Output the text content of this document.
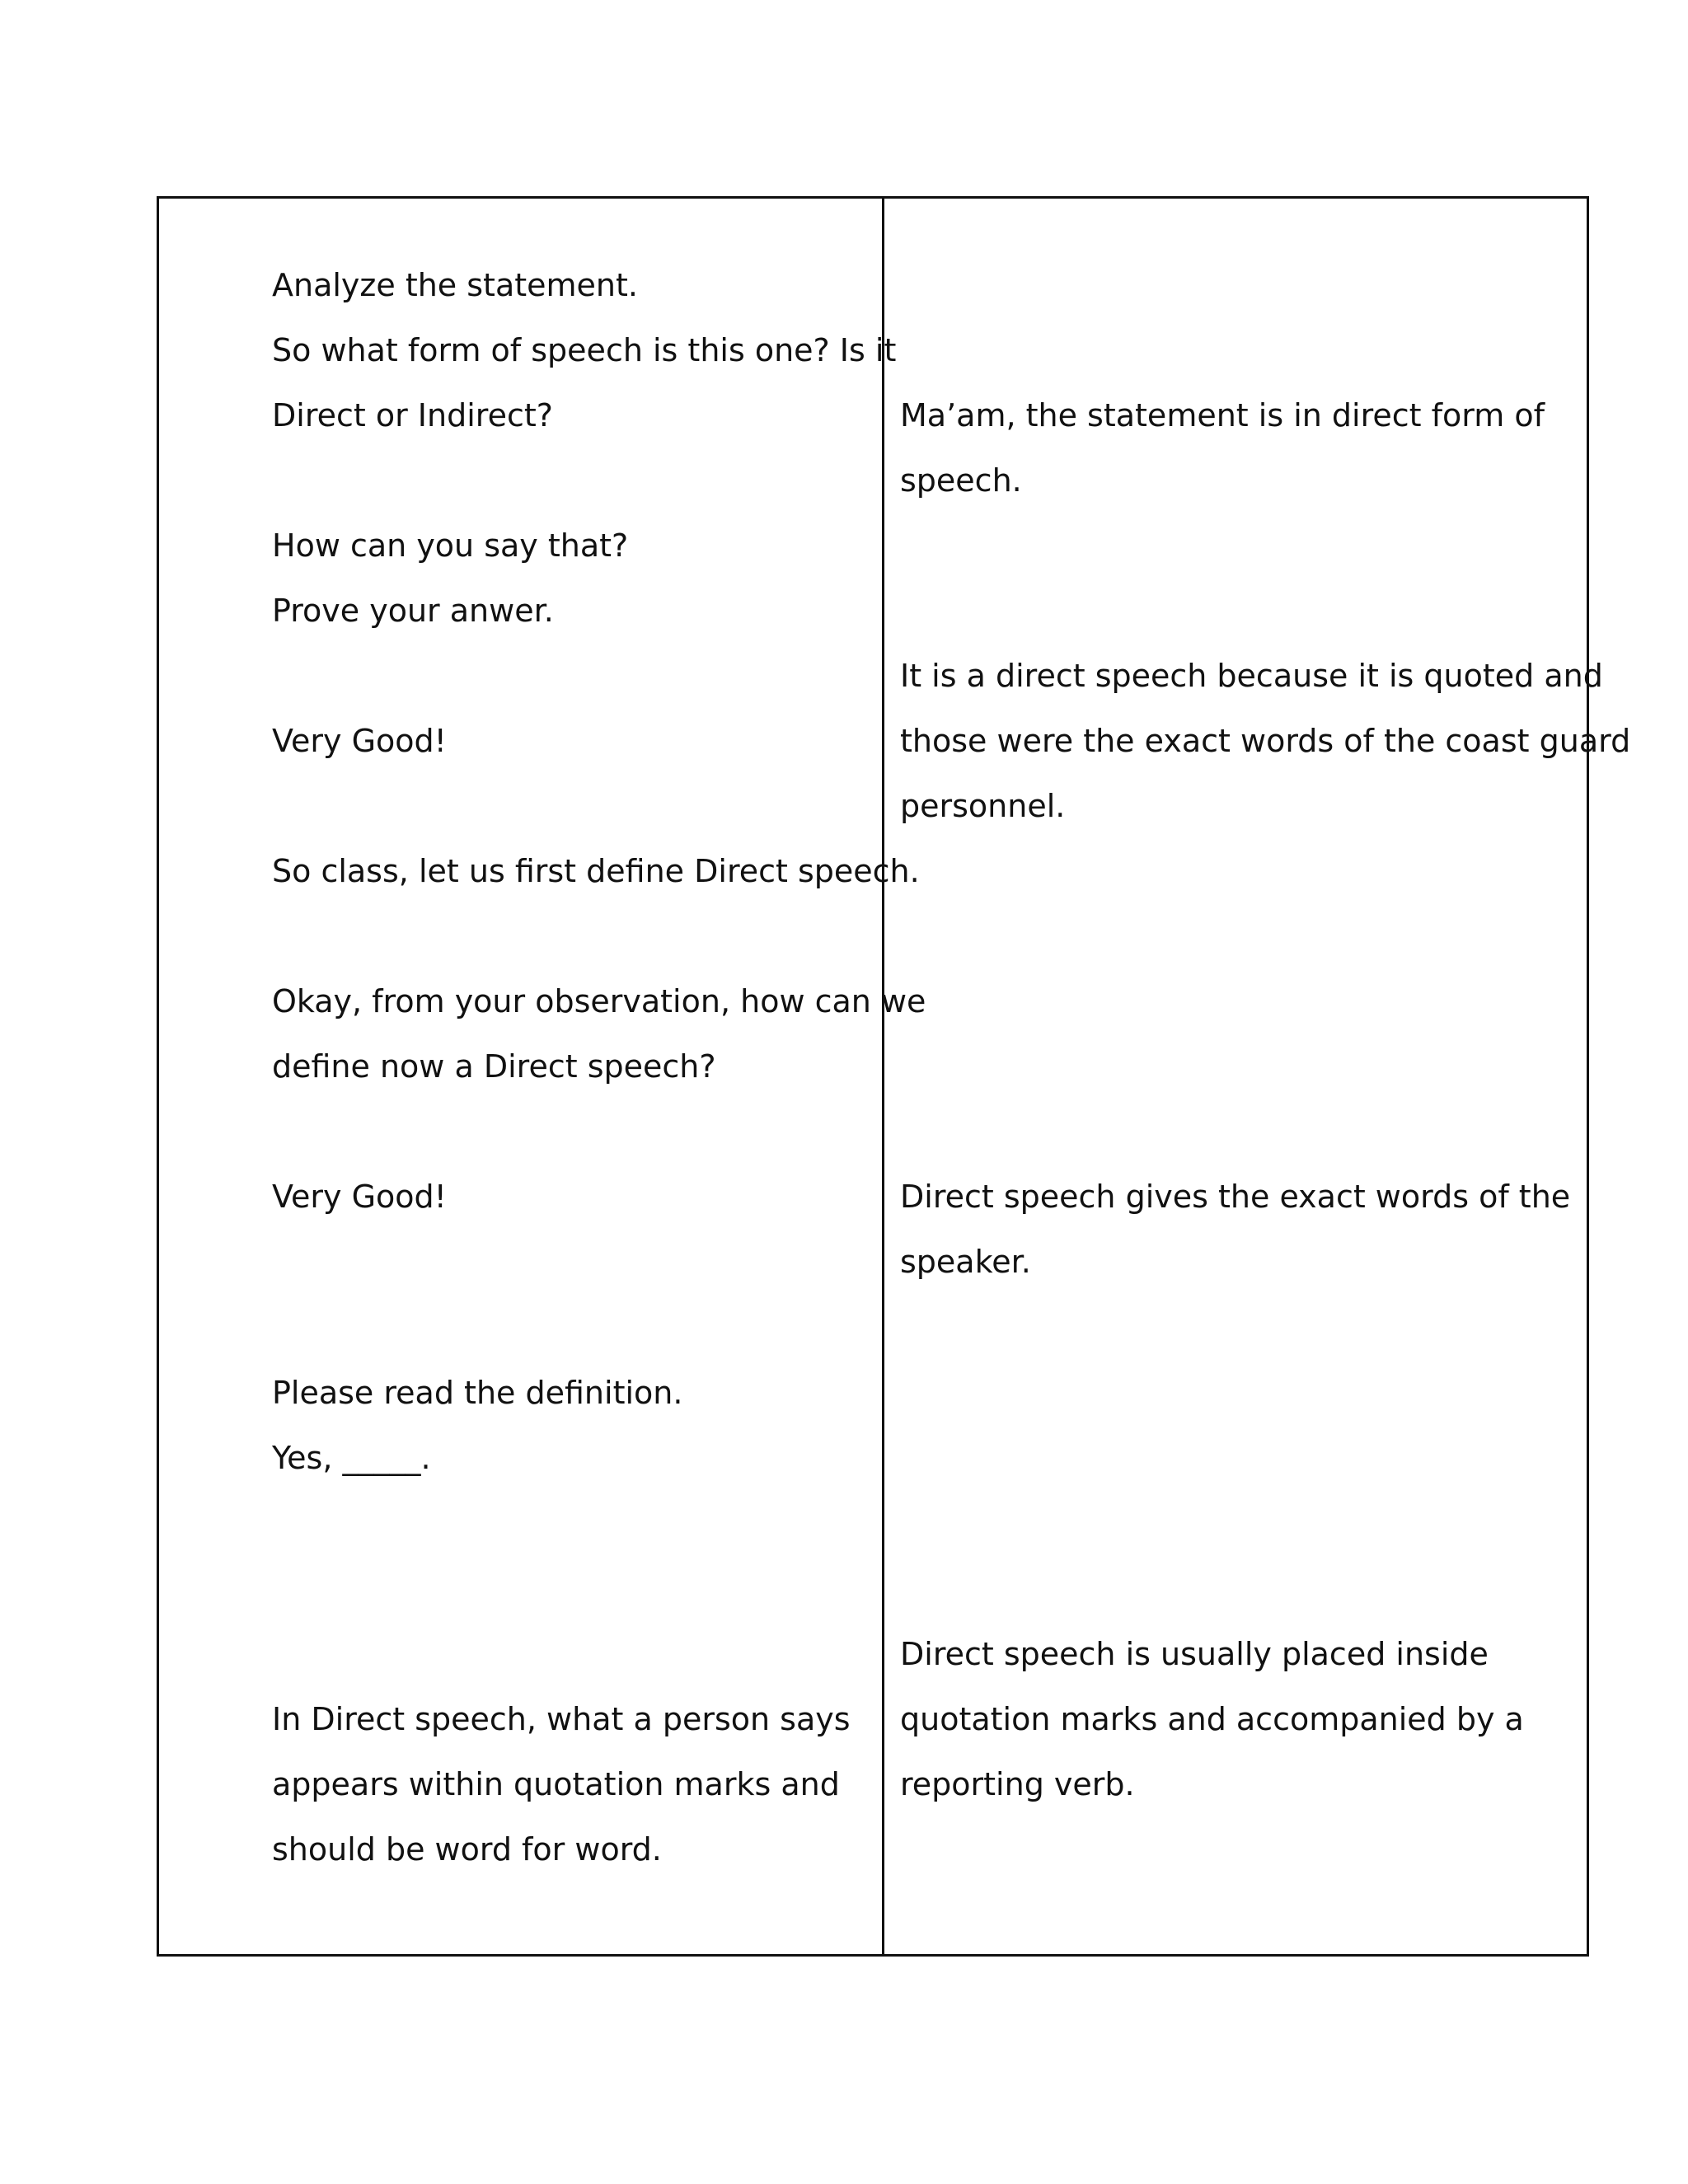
Analyze the statement.
So what form of speech is this one? Is it
Direct or Indirect?
How can you say that?
Prove your anwer.
Very Good!
So class, let us first define Direct speech.
Okay, from your observation, how can we
define now a Direct speech?
Very Good!
Please read the definition.
Yes, _____.
In Direct speech, what a person says
appears within quotation marks and
should be word for word.
Ma’am, the statement is in direct form of
speech.
It is a direct speech because it is quoted and
those were the exact words of the coast guard
personnel.
Direct speech gives the exact words of the
speaker.
Direct speech is usually placed inside
quotation marks and accompanied by a
reporting verb.
